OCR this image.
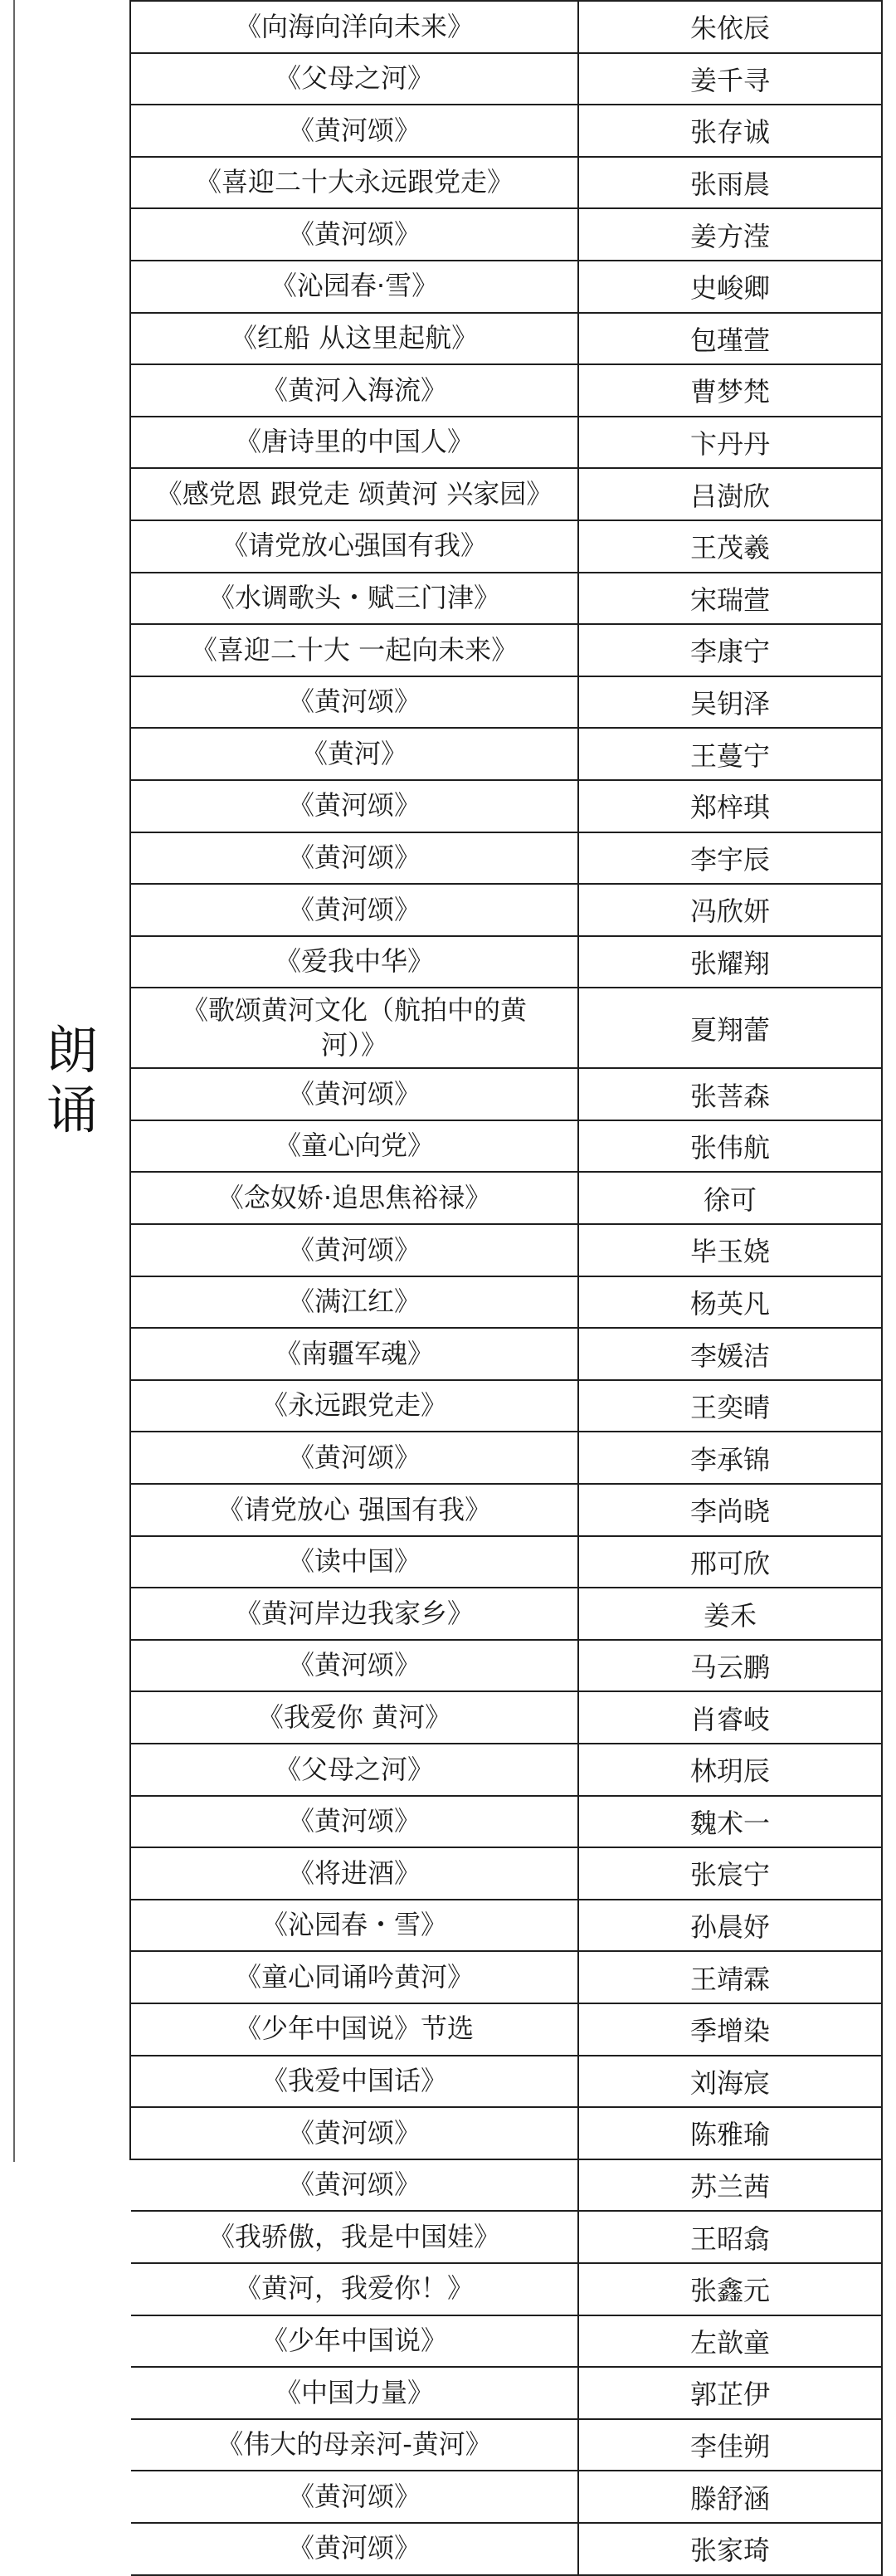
朗诵
《向海向洋向未来》	朱依辰
《父母之河》	姜千寻
《黄河颂》	张存诚
《喜迎二十大永远跟党走》	张雨晨
《黄河颂》	姜方滢
《沁园春·雪》	史峻卿
《红船 从这里起航》	包瑾萱
《黄河入海流》	曹梦梵
《唐诗里的中国人》	卞丹丹
《感党恩 跟党走 颂黄河 兴家园》	吕澍欣
《请党放心强国有我》	王茂羲
《水调歌头・赋三门津》	宋瑞萱
《喜迎二十大 一起向未来》	李康宁
《黄河颂》	吴钥泽
《黄河》	王蔓宁
《黄河颂》	郑梓琪
《黄河颂》	李宇辰
《黄河颂》	冯欣妍
《爱我中华》	张耀翔
《歌颂黄河文化（航拍中的黄河）》	夏翔蕾
《黄河颂》	张菩森
《童心向党》	张伟航
《念奴娇·追思焦裕禄》	徐可
《黄河颂》	毕玉娆
《满江红》	杨英凡
《南疆军魂》	李媛洁
《永远跟党走》	王奕晴
《黄河颂》	李承锦
《请党放心 强国有我》	李尚晓
《读中国》	邢可欣
《黄河岸边我家乡》	姜禾
《黄河颂》	马云鹏
《我爱你 黄河》	肖睿岐
《父母之河》	林玥辰
《黄河颂》	魏术一
《将进酒》	张宸宁
《沁园春・雪》	孙晨妤
《童心同诵吟黄河》	王靖霖
《少年中国说》节选	季增染
《我爱中国话》	刘海宸
《黄河颂》	陈雅瑜
《黄河颂》	苏兰茜
《我骄傲，我是中国娃》	王昭翕
《黄河，我爱你！》	张鑫元
《少年中国说》	左歆童
《中国力量》	郭芷伊
《伟大的母亲河-黄河》	李佳朔
《黄河颂》	滕舒涵
《黄河颂》	张家琦
